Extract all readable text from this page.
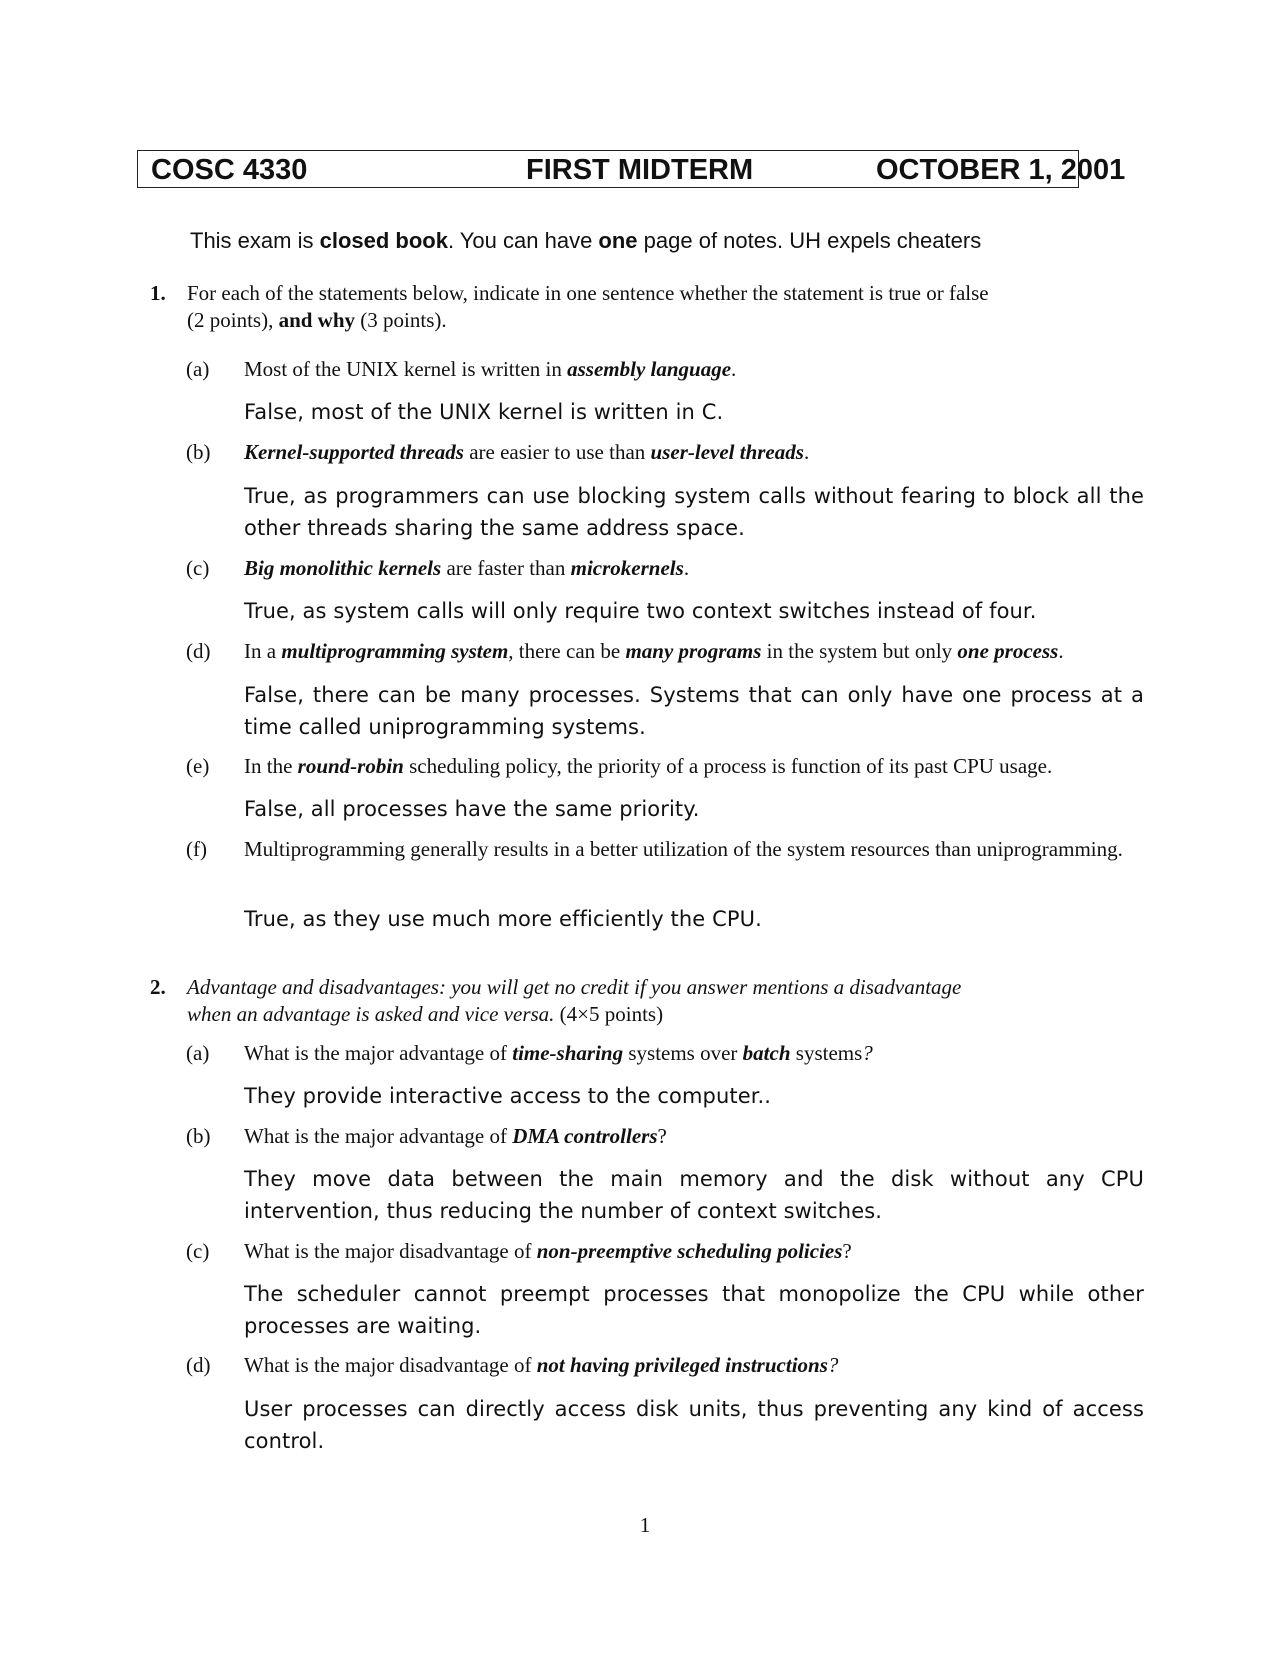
COSC 4330	FIRST MIDTERM	OCTOBER 1, 2001
This exam is closed book. You can have one page of notes. UH expels cheaters
1. For each of the statements below, indicate in one sentence whether the statement is true or false
(2 points), and why (3 points).
(a) Most of the UNIX kernel is written in assembly language.
False, most of the UNIX kernel is written in C.
(b) Kernel-supported threads are easier to use than user-level threads.
True, as programmers can use blocking system calls without fearing to block all the other threads sharing the same address space.
(c) Big monolithic kernels are faster than microkernels.
True, as system calls will only require two context switches instead of four.
(d) In a multiprogramming system, there can be many programs in the system but only one process.
False, there can be many processes. Systems that can only have one process at a time called uniprogramming systems.
(e) In the round-robin scheduling policy, the priority of a process is function of its past CPU usage.
False, all processes have the same priority.
(f) Multiprogramming generally results in a better utilization of the system resources than uniprogramming.
True, as they use much more efficiently the CPU.
2. Advantage and disadvantages: you will get no credit if you answer mentions a disadvantage
when an advantage is asked and vice versa. (4×5 points)
(a) What is the major advantage of time-sharing systems over batch systems?
They provide interactive access to the computer..
(b) What is the major advantage of DMA controllers?
They move data between the main memory and the disk without any CPU intervention, thus reducing the number of context switches.
(c) What is the major disadvantage of non-preemptive scheduling policies?
The scheduler cannot preempt processes that monopolize the CPU while other processes are waiting.
(d) What is the major disadvantage of not having privileged instructions?
User processes can directly access disk units, thus preventing any kind of access control.
1
